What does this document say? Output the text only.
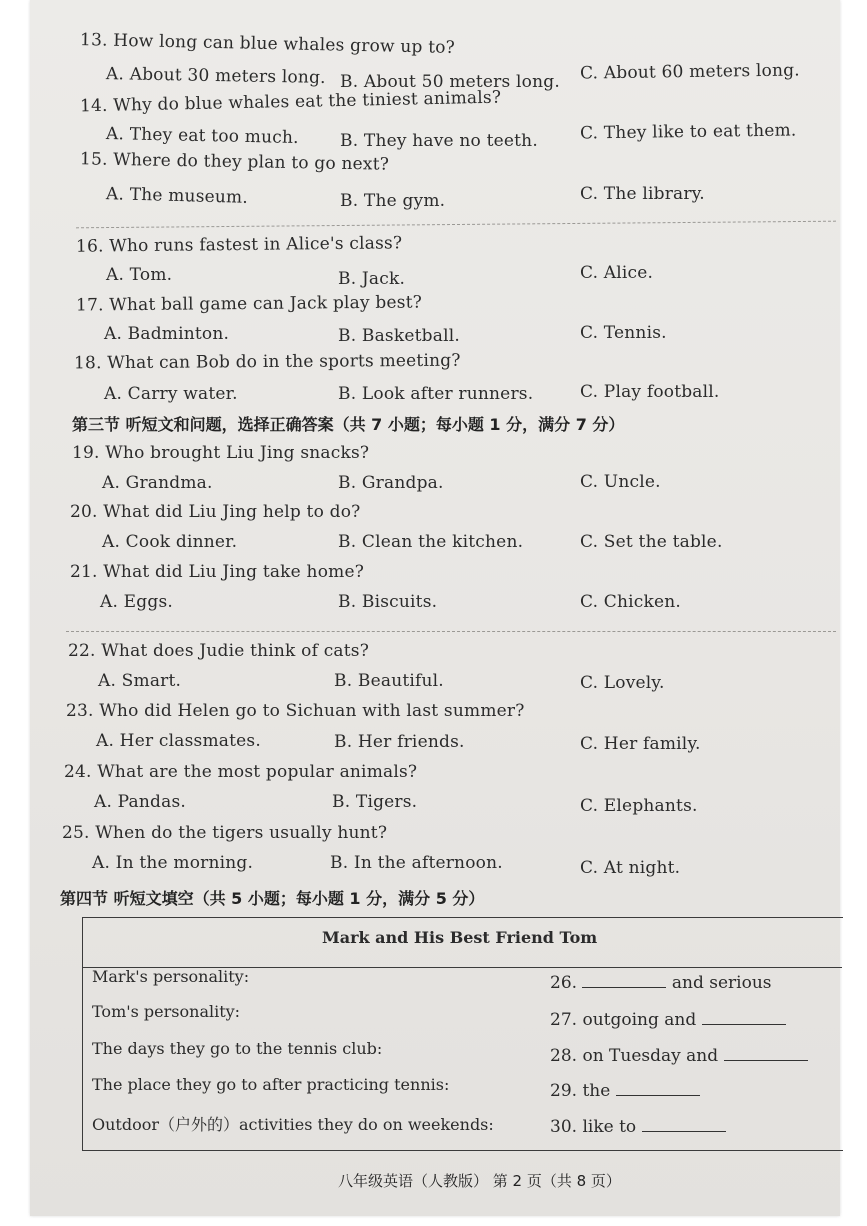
13. How long can blue whales grow up to?
A. About 30 meters long. B. About 50 meters long. C. About 60 meters long.
14. Why do blue whales eat the tiniest animals?
A. They eat too much. B. They have no teeth. C. They like to eat them.
15. Where do they plan to go next?
A. The museum.	B. The gym.	C. The library.
16. Who runs fastest in Alice's class?
A. Tom.	B. Jack.	C. Alice.
17. What ball game can Jack play best?
A. Badminton.	B. Basketball.	C. Tennis.
18. What can Bob do in the sports meeting?
A. Carry water.	B. Look after runners.	C. Play football.
第三节 听短文和问题，选择正确答案（共 7 小题；每小题 1 分，满分 7 分）
19. Who brought Liu Jing snacks?
A. Grandma.	B. Grandpa.	C. Uncle.
20. What did Liu Jing help to do?
A. Cook dinner.	B. Clean the kitchen.	C. Set the table.
21. What did Liu Jing take home?
A. Eggs.	B. Biscuits.	C. Chicken.
22. What does Judie think of cats?
A. Smart.	B. Beautiful.	C. Lovely.
23. Who did Helen go to Sichuan with last summer?
A. Her classmates.	B. Her friends.	C. Her family.
24. What are the most popular animals?
A. Pandas.	B. Tigers.	C. Elephants.
25. When do the tigers usually hunt?
A. In the morning.	B. In the afternoon.	C. At night.
第四节 听短文填空（共 5 小题；每小题 1 分，满分 5 分）
Mark and His Best Friend Tom
Mark's personality:	26.	and serious
Tom's personality:	27. outgoing and
The days they go to the tennis club:	28. on Tuesday and
The place they go to after practicing tennis:	29. the
Outdoor（户外的）activities they do on weekends:	30. like to
八年级英语（人教版） 第 2 页（共 8 页）
